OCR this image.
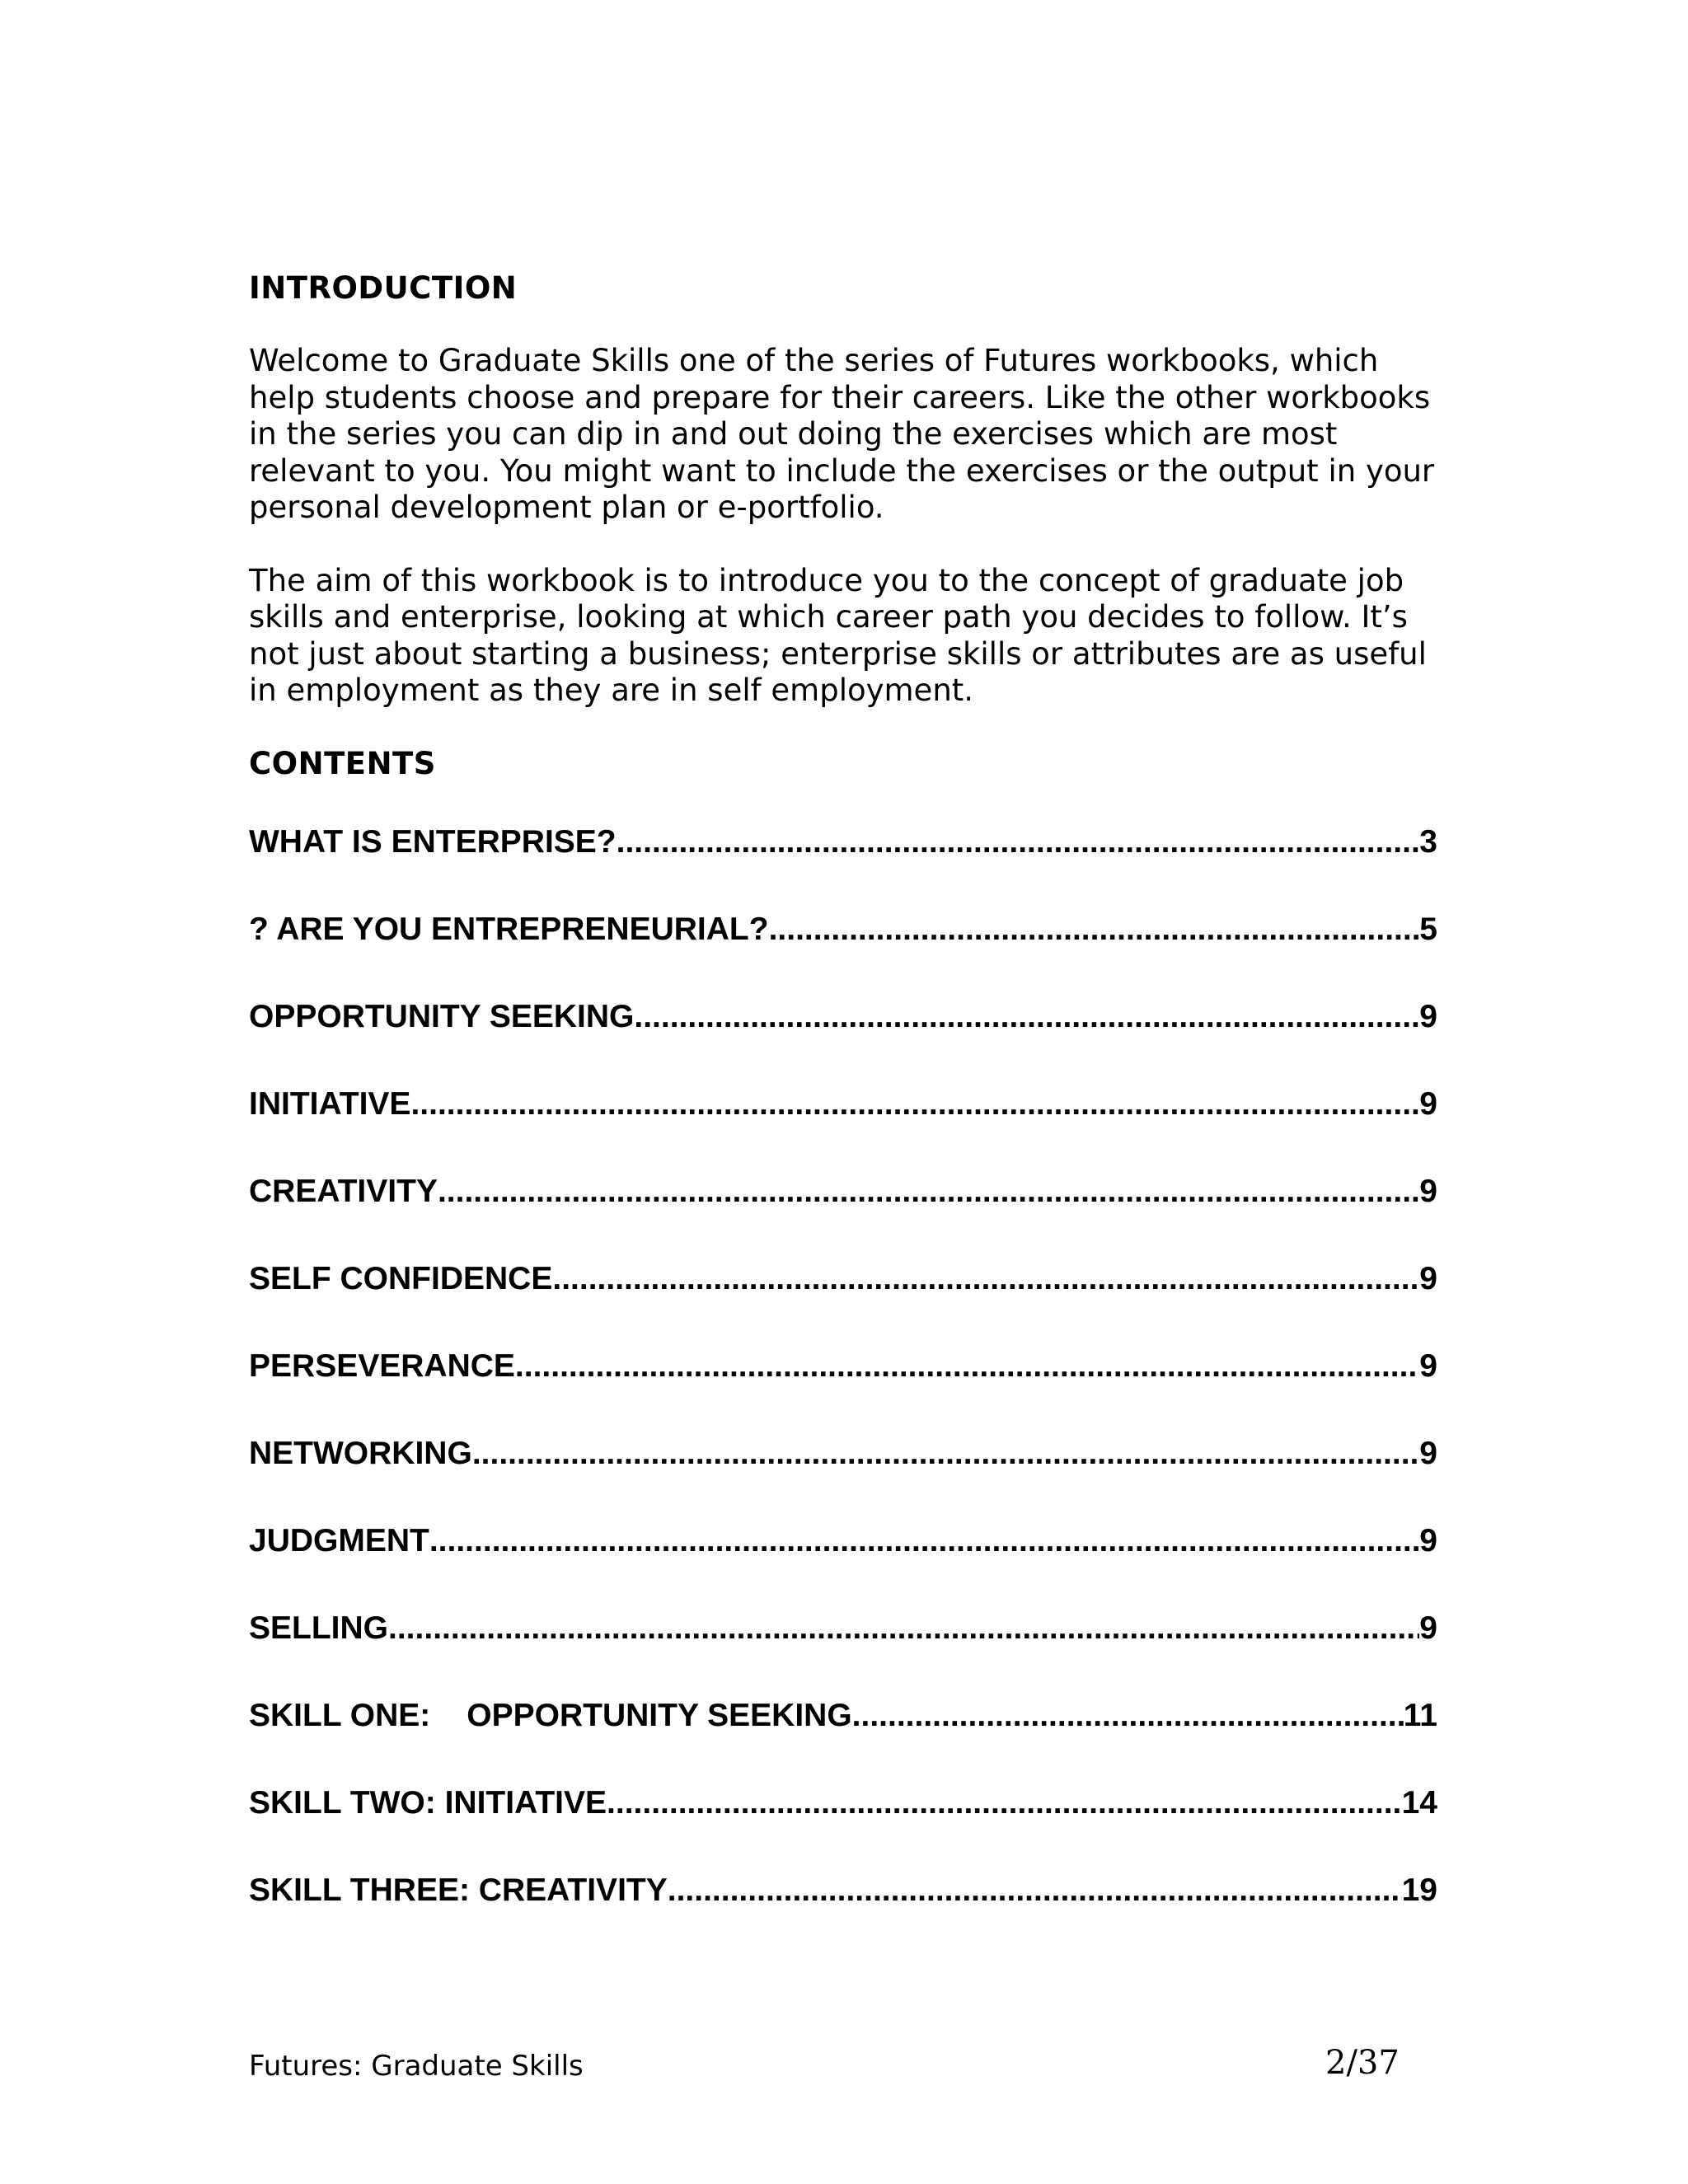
INTRODUCTION

Welcome to Graduate Skills one of the series of Futures workbooks, which help students choose and prepare for their careers. Like the other workbooks in the series you can dip in and out doing the exercises which are most relevant to you. You might want to include the exercises or the output in your personal development plan or e-portfolio.

The aim of this workbook is to introduce you to the concept of graduate job skills and enterprise, looking at which career path you decides to follow. It’s not just about starting a business; enterprise skills or attributes are as useful in employment as they are in self employment.

CONTENTS
WHAT IS ENTERPRISE? .....	3
? ARE YOU ENTREPRENEURIAL? .....	5
OPPORTUNITY SEEKING .....	9
INITIATIVE .....	9
CREATIVITY .....	9
SELF CONFIDENCE .....	9
PERSEVERANCE .....	9
NETWORKING .....	9
JUDGMENT .....	9
SELLING .....	9
SKILL ONE: OPPORTUNITY SEEKING .....	11
SKILL TWO: INITIATIVE .....	14
SKILL THREE: CREATIVITY .....	19
Futures: Graduate Skills	2/37
